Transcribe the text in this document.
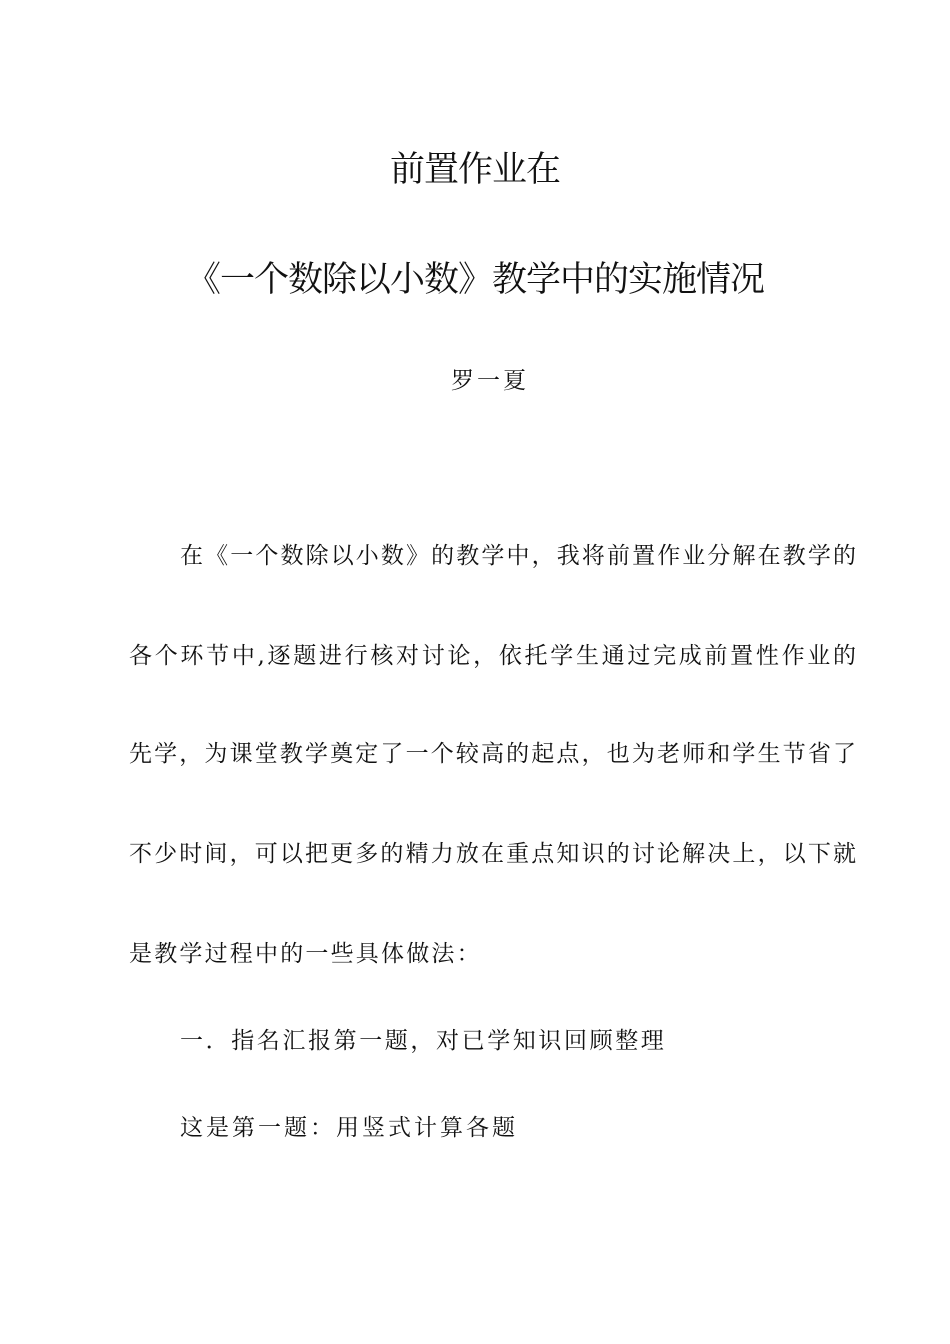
前置作业在
《一个数除以小数》教学中的实施情况
罗一夏
在《一个数除以小数》的教学中，我将前置作业分解在教学的
各个环节中,逐题进行核对讨论，依托学生通过完成前置性作业的
先学，为课堂教学奠定了一个较高的起点，也为老师和学生节省了
不少时间，可以把更多的精力放在重点知识的讨论解决上，以下就
是教学过程中的一些具体做法：
一．指名汇报第一题，对已学知识回顾整理
这是第一题：用竖式计算各题
